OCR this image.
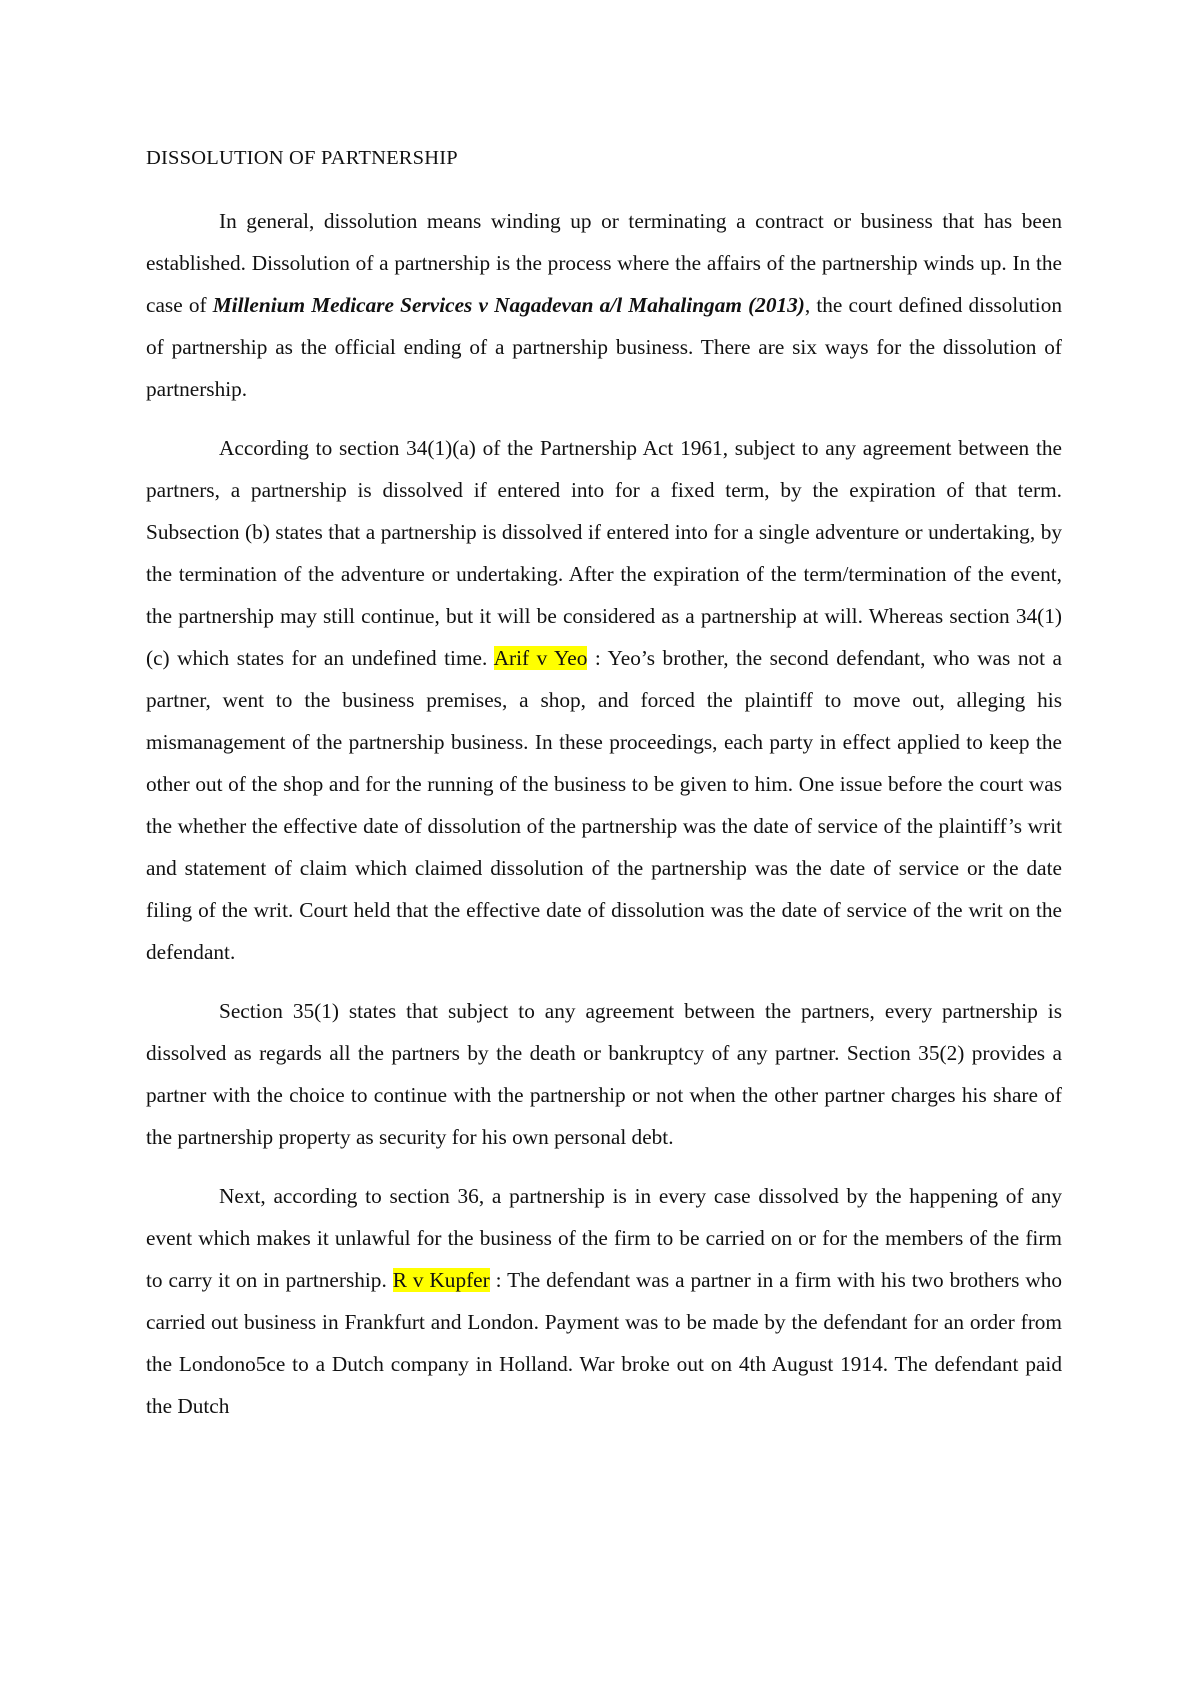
DISSOLUTION OF PARTNERSHIP

In general, dissolution means winding up or terminating a contract or business that has been established. Dissolution of a partnership is the process where the affairs of the partnership winds up. In the case of Millenium Medicare Services v Nagadevan a/l Mahalingam (2013), the court defined dissolution of partnership as the official ending of a partnership business. There are six ways for the dissolution of partnership.

According to section 34(1)(a) of the Partnership Act 1961, subject to any agreement between the partners, a partnership is dissolved if entered into for a fixed term, by the expiration of that term. Subsection (b) states that a partnership is dissolved if entered into for a single adventure or undertaking, by the termination of the adventure or undertaking. After the expiration of the term/termination of the event, the partnership may still continue, but it will be considered as a partnership at will. Whereas section 34(1)(c) which states for an undefined time. Arif v Yeo : Yeo’s brother, the second defendant, who was not a partner, went to the business premises, a shop, and forced the plaintiff to move out, alleging his mismanagement of the partnership business. In these proceedings, each party in effect applied to keep the other out of the shop and for the running of the business to be given to him. One issue before the court was the whether the effective date of dissolution of the partnership was the date of service of the plaintiff’s writ and statement of claim which claimed dissolution of the partnership was the date of service or the date filing of the writ. Court held that the effective date of dissolution was the date of service of the writ on the defendant.

Section 35(1) states that subject to any agreement between the partners, every partnership is dissolved as regards all the partners by the death or bankruptcy of any partner. Section 35(2) provides a partner with the choice to continue with the partnership or not when the other partner charges his share of the partnership property as security for his own personal debt.

Next, according to section 36, a partnership is in every case dissolved by the happening of any event which makes it unlawful for the business of the firm to be carried on or for the members of the firm to carry it on in partnership. R v Kupfer : The defendant was a partner in a firm with his two brothers who carried out business in Frankfurt and London. Payment was to be made by the defendant for an order from the Londono5ce to a Dutch company in Holland. War broke out on 4th August 1914. The defendant paid the Dutch
